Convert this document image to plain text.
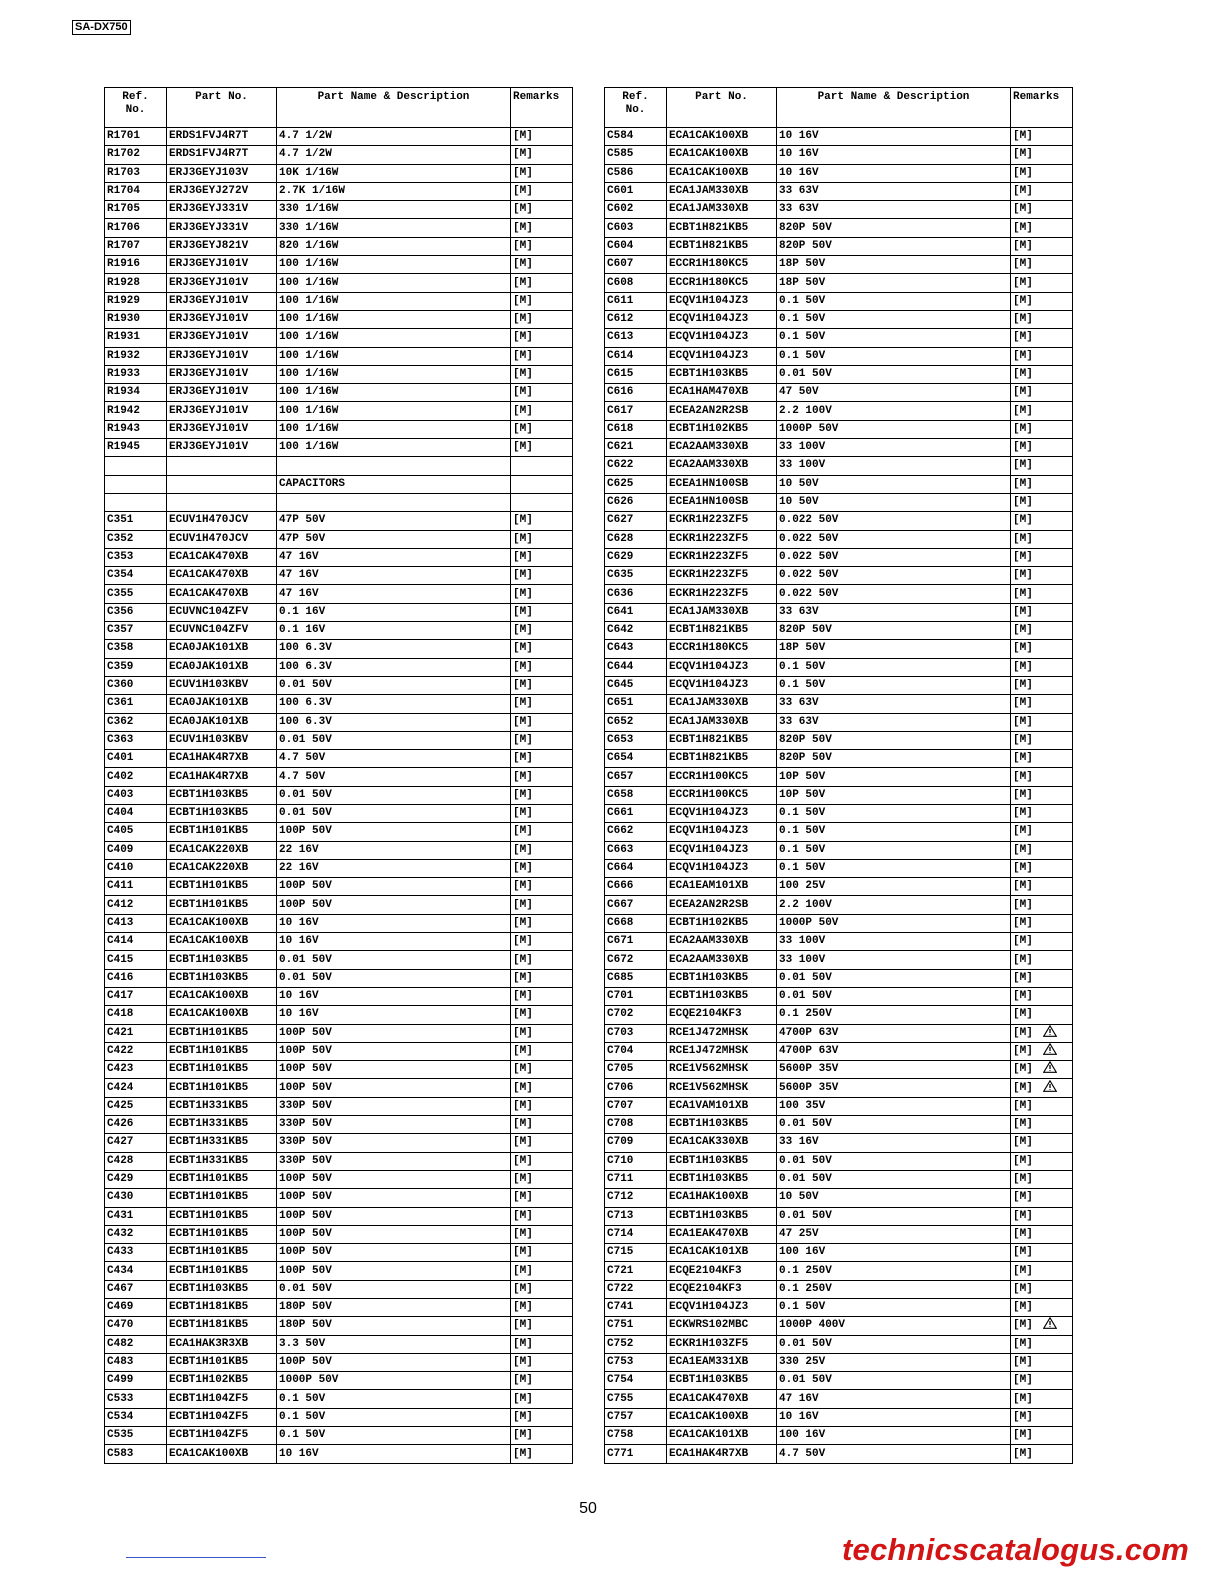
SA-DX750
Ref.
No.	Part No.	Part Name & Description	Remarks
R1701	ERDS1FVJ4R7T	4.7 1/2W	[M]
R1702	ERDS1FVJ4R7T	4.7 1/2W	[M]
R1703	ERJ3GEYJ103V	10K 1/16W	[M]
R1704	ERJ3GEYJ272V	2.7K 1/16W	[M]
R1705	ERJ3GEYJ331V	330 1/16W	[M]
R1706	ERJ3GEYJ331V	330 1/16W	[M]
R1707	ERJ3GEYJ821V	820 1/16W	[M]
R1916	ERJ3GEYJ101V	100 1/16W	[M]
R1928	ERJ3GEYJ101V	100 1/16W	[M]
R1929	ERJ3GEYJ101V	100 1/16W	[M]
R1930	ERJ3GEYJ101V	100 1/16W	[M]
R1931	ERJ3GEYJ101V	100 1/16W	[M]
R1932	ERJ3GEYJ101V	100 1/16W	[M]
R1933	ERJ3GEYJ101V	100 1/16W	[M]
R1934	ERJ3GEYJ101V	100 1/16W	[M]
R1942	ERJ3GEYJ101V	100 1/16W	[M]
R1943	ERJ3GEYJ101V	100 1/16W	[M]
R1945	ERJ3GEYJ101V	100 1/16W	[M]

		CAPACITORS	

C351	ECUV1H470JCV	47P 50V	[M]
C352	ECUV1H470JCV	47P 50V	[M]
C353	ECA1CAK470XB	47 16V	[M]
C354	ECA1CAK470XB	47 16V	[M]
C355	ECA1CAK470XB	47 16V	[M]
C356	ECUVNC104ZFV	0.1 16V	[M]
C357	ECUVNC104ZFV	0.1 16V	[M]
C358	ECA0JAK101XB	100 6.3V	[M]
C359	ECA0JAK101XB	100 6.3V	[M]
C360	ECUV1H103KBV	0.01 50V	[M]
C361	ECA0JAK101XB	100 6.3V	[M]
C362	ECA0JAK101XB	100 6.3V	[M]
C363	ECUV1H103KBV	0.01 50V	[M]
C401	ECA1HAK4R7XB	4.7 50V	[M]
C402	ECA1HAK4R7XB	4.7 50V	[M]
C403	ECBT1H103KB5	0.01 50V	[M]
C404	ECBT1H103KB5	0.01 50V	[M]
C405	ECBT1H101KB5	100P 50V	[M]
C409	ECA1CAK220XB	22 16V	[M]
C410	ECA1CAK220XB	22 16V	[M]
C411	ECBT1H101KB5	100P 50V	[M]
C412	ECBT1H101KB5	100P 50V	[M]
C413	ECA1CAK100XB	10 16V	[M]
C414	ECA1CAK100XB	10 16V	[M]
C415	ECBT1H103KB5	0.01 50V	[M]
C416	ECBT1H103KB5	0.01 50V	[M]
C417	ECA1CAK100XB	10 16V	[M]
C418	ECA1CAK100XB	10 16V	[M]
C421	ECBT1H101KB5	100P 50V	[M]
C422	ECBT1H101KB5	100P 50V	[M]
C423	ECBT1H101KB5	100P 50V	[M]
C424	ECBT1H101KB5	100P 50V	[M]
C425	ECBT1H331KB5	330P 50V	[M]
C426	ECBT1H331KB5	330P 50V	[M]
C427	ECBT1H331KB5	330P 50V	[M]
C428	ECBT1H331KB5	330P 50V	[M]
C429	ECBT1H101KB5	100P 50V	[M]
C430	ECBT1H101KB5	100P 50V	[M]
C431	ECBT1H101KB5	100P 50V	[M]
C432	ECBT1H101KB5	100P 50V	[M]
C433	ECBT1H101KB5	100P 50V	[M]
C434	ECBT1H101KB5	100P 50V	[M]
C467	ECBT1H103KB5	0.01 50V	[M]
C469	ECBT1H181KB5	180P 50V	[M]
C470	ECBT1H181KB5	180P 50V	[M]
C482	ECA1HAK3R3XB	3.3 50V	[M]
C483	ECBT1H101KB5	100P 50V	[M]
C499	ECBT1H102KB5	1000P 50V	[M]
C533	ECBT1H104ZF5	0.1 50V	[M]
C534	ECBT1H104ZF5	0.1 50V	[M]
C535	ECBT1H104ZF5	0.1 50V	[M]
C583	ECA1CAK100XB	10 16V	[M]
Ref.
No.	Part No.	Part Name & Description	Remarks
C584	ECA1CAK100XB	10 16V	[M]
C585	ECA1CAK100XB	10 16V	[M]
C586	ECA1CAK100XB	10 16V	[M]
C601	ECA1JAM330XB	33 63V	[M]
C602	ECA1JAM330XB	33 63V	[M]
C603	ECBT1H821KB5	820P 50V	[M]
C604	ECBT1H821KB5	820P 50V	[M]
C607	ECCR1H180KC5	18P 50V	[M]
C608	ECCR1H180KC5	18P 50V	[M]
C611	ECQV1H104JZ3	0.1 50V	[M]
C612	ECQV1H104JZ3	0.1 50V	[M]
C613	ECQV1H104JZ3	0.1 50V	[M]
C614	ECQV1H104JZ3	0.1 50V	[M]
C615	ECBT1H103KB5	0.01 50V	[M]
C616	ECA1HAM470XB	47 50V	[M]
C617	ECEA2AN2R2SB	2.2 100V	[M]
C618	ECBT1H102KB5	1000P 50V	[M]
C621	ECA2AAM330XB	33 100V	[M]
C622	ECA2AAM330XB	33 100V	[M]
C625	ECEA1HN100SB	10 50V	[M]
C626	ECEA1HN100SB	10 50V	[M]
C627	ECKR1H223ZF5	0.022 50V	[M]
C628	ECKR1H223ZF5	0.022 50V	[M]
C629	ECKR1H223ZF5	0.022 50V	[M]
C635	ECKR1H223ZF5	0.022 50V	[M]
C636	ECKR1H223ZF5	0.022 50V	[M]
C641	ECA1JAM330XB	33 63V	[M]
C642	ECBT1H821KB5	820P 50V	[M]
C643	ECCR1H180KC5	18P 50V	[M]
C644	ECQV1H104JZ3	0.1 50V	[M]
C645	ECQV1H104JZ3	0.1 50V	[M]
C651	ECA1JAM330XB	33 63V	[M]
C652	ECA1JAM330XB	33 63V	[M]
C653	ECBT1H821KB5	820P 50V	[M]
C654	ECBT1H821KB5	820P 50V	[M]
C657	ECCR1H100KC5	10P 50V	[M]
C658	ECCR1H100KC5	10P 50V	[M]
C661	ECQV1H104JZ3	0.1 50V	[M]
C662	ECQV1H104JZ3	0.1 50V	[M]
C663	ECQV1H104JZ3	0.1 50V	[M]
C664	ECQV1H104JZ3	0.1 50V	[M]
C666	ECA1EAM101XB	100 25V	[M]
C667	ECEA2AN2R2SB	2.2 100V	[M]
C668	ECBT1H102KB5	1000P 50V	[M]
C671	ECA2AAM330XB	33 100V	[M]
C672	ECA2AAM330XB	33 100V	[M]
C685	ECBT1H103KB5	0.01 50V	[M]
C701	ECBT1H103KB5	0.01 50V	[M]
C702	ECQE2104KF3	0.1 250V	[M]
C703	RCE1J472MHSK	4700P 63V	[M]
C704	RCE1J472MHSK	4700P 63V	[M]
C705	RCE1V562MHSK	5600P 35V	[M]
C706	RCE1V562MHSK	5600P 35V	[M]
C707	ECA1VAM101XB	100 35V	[M]
C708	ECBT1H103KB5	0.01 50V	[M]
C709	ECA1CAK330XB	33 16V	[M]
C710	ECBT1H103KB5	0.01 50V	[M]
C711	ECBT1H103KB5	0.01 50V	[M]
C712	ECA1HAK100XB	10 50V	[M]
C713	ECBT1H103KB5	0.01 50V	[M]
C714	ECA1EAK470XB	47 25V	[M]
C715	ECA1CAK101XB	100 16V	[M]
C721	ECQE2104KF3	0.1 250V	[M]
C722	ECQE2104KF3	0.1 250V	[M]
C741	ECQV1H104JZ3	0.1 50V	[M]
C751	ECKWRS102MBC	1000P 400V	[M]
C752	ECKR1H103ZF5	0.01 50V	[M]
C753	ECA1EAM331XB	330 25V	[M]
C754	ECBT1H103KB5	0.01 50V	[M]
C755	ECA1CAK470XB	47 16V	[M]
C757	ECA1CAK100XB	10 16V	[M]
C758	ECA1CAK101XB	100 16V	[M]
C771	ECA1HAK4R7XB	4.7 50V	[M]
50
technicscatalogus.com
